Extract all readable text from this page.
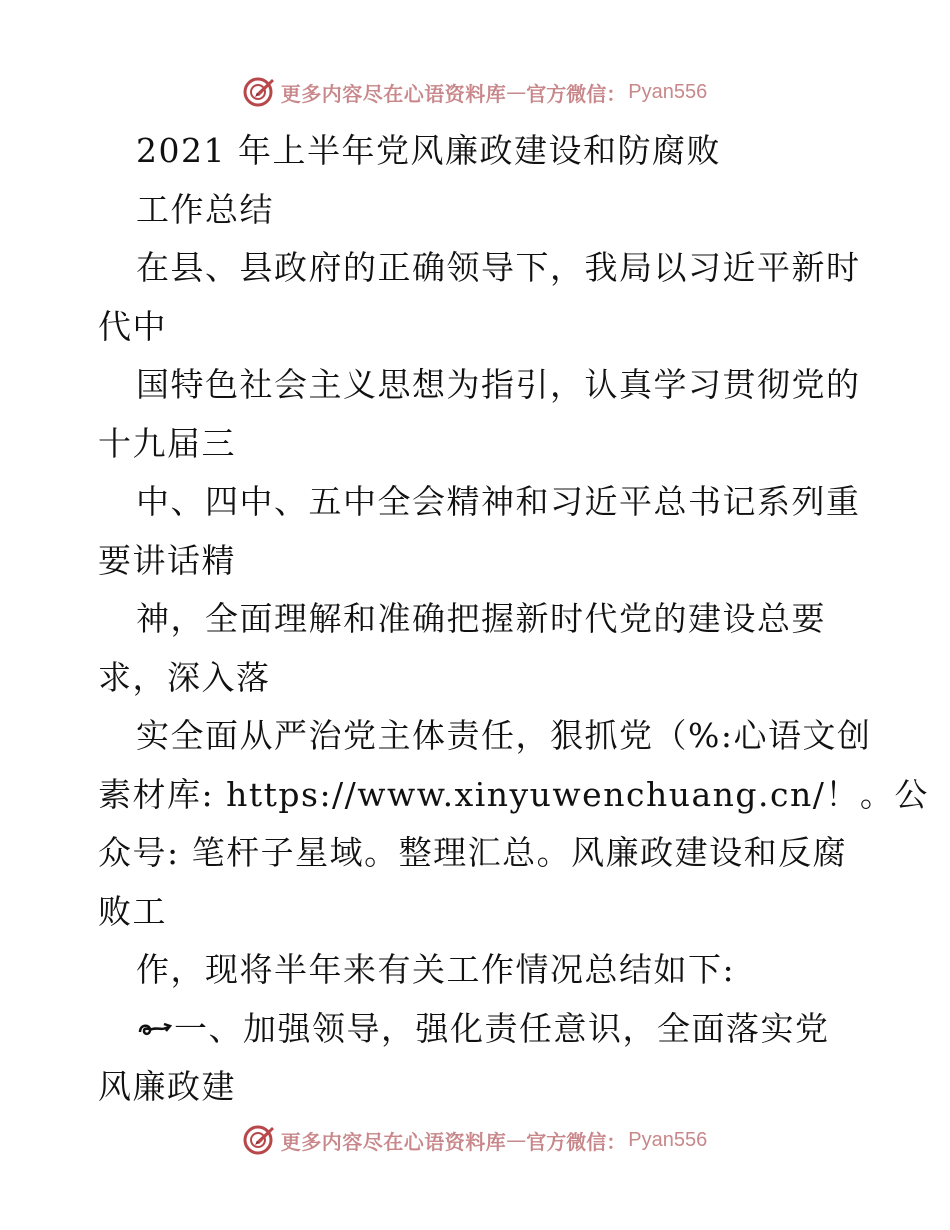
更多内容尽在心语资料库 — 官方微信： Pyan556
2021 年上半年党风廉政建设和防腐败
工作总结
在县、县政府的正确领导下，我局以习近平新时
代中
国特色社会主义思想为指引，认真学习贯彻党的
十九届三
中、四中、五中全会精神和习近平总书记系列重
要讲话精
神，全面理解和准确把握新时代党的建设总要
求，深入落
实全面从严治党主体责任，狠抓党（%:心语文创
素材库: https://www.xinyuwenchuang.cn/！。公
众号: 笔杆子星域。整理汇总。风廉政建设和反腐
败工
作，现将半年来有关工作情况总结如下:
一、加强领导，强化责任意识，全面落实党
风廉政建
更多内容尽在心语资料库 — 官方微信： Pyan556
